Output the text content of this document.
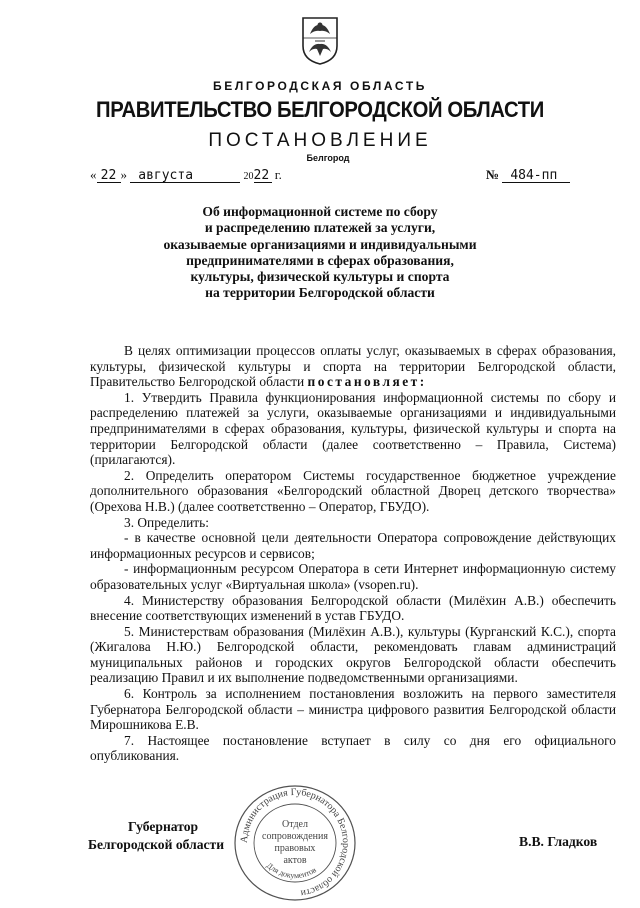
БЕЛГОРОДСКАЯ ОБЛАСТЬ
ПРАВИТЕЛЬСТВО БЕЛГОРОДСКОЙ ОБЛАСТИ
ПОСТАНОВЛЕНИЕ
Белгород
« 22 » августа	2022 г.	№ 484-пп
Об информационной системе по сбору
и распределению платежей за услуги,
оказываемые организациями и индивидуальными
предпринимателями в сферах образования,
культуры, физической культуры и спорта
на территории Белгородской области

В целях оптимизации процессов оплаты услуг, оказываемых в сферах образования, культуры, физической культуры и спорта на территории Белгородской области, Правительство Белгородской области постановляет:

1. Утвердить Правила функционирования информационной системы по сбору и распределению платежей за услуги, оказываемые организациями и индивидуальными предпринимателями в сферах образования, культуры, физической культуры и спорта на территории Белгородской области (далее соответственно – Правила, Система) (прилагаются).

2. Определить оператором Системы государственное бюджетное учреждение дополнительного образования «Белгородский областной Дворец детского творчества» (Орехова Н.В.) (далее соответственно – Оператор, ГБУДО).

3. Определить:

- в качестве основной цели деятельности Оператора сопровождение действующих информационных ресурсов и сервисов;

- информационным ресурсом Оператора в сети Интернет информационную систему образовательных услуг «Виртуальная школа» (vsopen.ru).

4. Министерству образования Белгородской области (Милёхин А.В.) обеспечить внесение соответствующих изменений в устав ГБУДО.

5. Министерствам образования (Милёхин А.В.), культуры (Курганский К.С.), спорта (Жигалова Н.Ю.) Белгородской области, рекомендовать главам администраций муниципальных районов и городских округов Белгородской области обеспечить реализацию Правил и их выполнение подведомственными организациями.

6. Контроль за исполнением постановления возложить на первого заместителя Губернатора Белгородской области – министра цифрового развития Белгородской области Мирошникова Е.В.

7. Настоящее постановление вступает в силу со дня его официального опубликования.

Губернатор
Белгородской области	В.В. Гладков
Администрация Губернатора Белгородской области
Для документов
Отдел
сопровождения
правовых
актов
